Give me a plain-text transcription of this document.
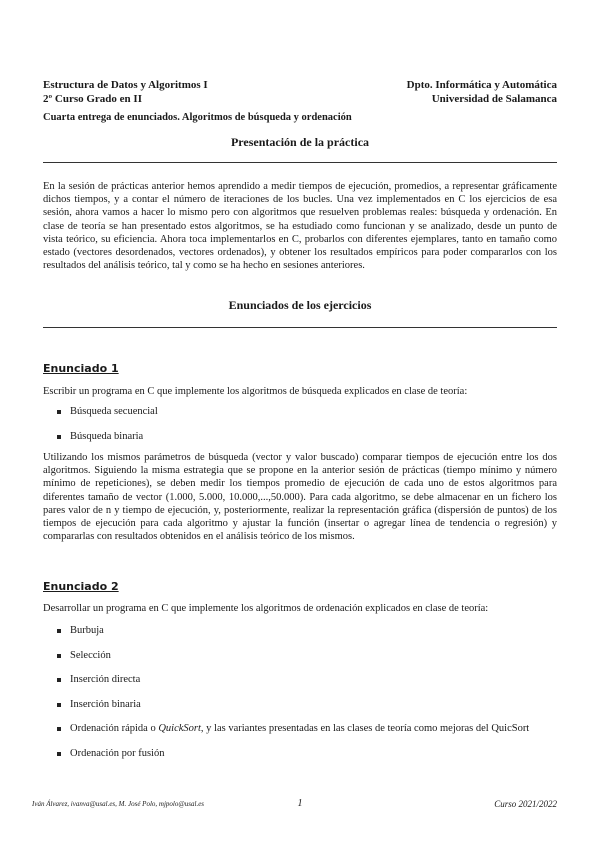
Estructura de Datos y Algoritmos I	Dpto. Informática y Automática
2º Curso Grado en II	Universidad de Salamanca
Cuarta entrega de enunciados. Algoritmos de búsqueda y ordenación
Presentación de la práctica
En la sesión de prácticas anterior hemos aprendido a medir tiempos de ejecución, promedios, a representar gráficamente dichos tiempos, y a contar el número de iteraciones de los bucles. Una vez implementados en C los ejercicios de esa sesión, ahora vamos a hacer lo mismo pero con algoritmos que resuelven problemas reales: búsqueda y ordenación. En clase de teoría se han presentado estos algoritmos, se ha estudiado como funcionan y se analizado, desde un punto de vista teórico, su eficiencia. Ahora toca implementarlos en C, probarlos con diferentes ejemplares, tanto en tamaño como estado (vectores desordenados, vectores ordenados), y obtener los resultados empíricos para poder compararlos con los resultados del análisis teórico, tal y como se ha hecho en sesiones anteriores.
Enunciados de los ejercicios
Enunciado 1
Escribir un programa en C que implemente los algoritmos de búsqueda explicados en clase de teoría:
Búsqueda secuencial
Búsqueda binaria
Utilizando los mismos parámetros de búsqueda (vector y valor buscado) comparar tiempos de ejecución entre los dos algoritmos. Siguiendo la misma estrategia que se propone en la anterior sesión de prácticas (tiempo mínimo y número mínimo de repeticiones), se deben medir los tiempos promedio de ejecución de cada uno de estos algoritmos para diferentes tamaño de vector (1.000, 5.000, 10.000,...,50.000). Para cada algoritmo, se debe almacenar en un fichero los pares valor de n y tiempo de ejecución, y, posteriormente, realizar la representación gráfica (dispersión de puntos) de los tiempos de ejecución para cada algoritmo y ajustar la función (insertar o agregar línea de tendencia o regresión) y compararlas con resultados obtenidos en el análisis teórico de los mismos.
Enunciado 2
Desarrollar un programa en C que implemente los algoritmos de ordenación explicados en clase de teoría:
Burbuja
Selección
Inserción directa
Inserción binaria
Ordenación rápida o QuickSort, y las variantes presentadas en las clases de teoría como mejoras del QuicSort
Ordenación por fusión
Iván Álvarez, ivanva@usal.es, M. José Polo, mjpolo@usal.es	1	Curso 2021/2022
